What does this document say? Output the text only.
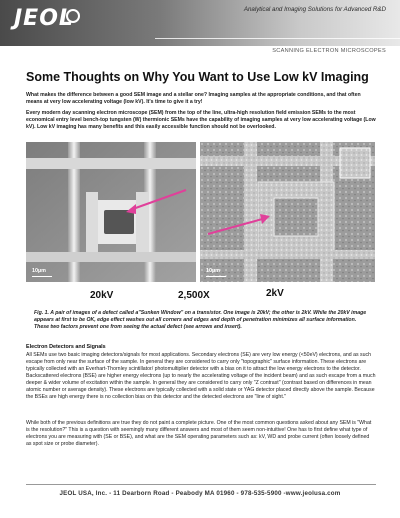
JEOL	Analytical and Imaging Solutions for Advanced R&D
SCANNING ELECTRON MICROSCOPES
Some Thoughts on Why You Want to Use Low kV Imaging
What makes the difference between a good SEM image and a stellar one? Imaging samples at the appropriate conditions, and that often means at very low accelerating voltage (low kV). It's time to give it a try!
Every modern day scanning electron microscope (SEM) from the top of the line, ultra-high resolution field emission SEMs to the most economical entry level bench-top tungsten (W) thermionic SEMs have the capability of imaging samples at very low accelerating voltage (Low kV). Low kV imaging has many benefits and this easily accessible function should not be overlooked.
10µm	10µm
20kV	2,500X	2kV
Fig. 1. A pair of images of a defect called a"Sunken Window" on a transistor. One image is 20kV; the other is 2kV. While the 20kV image appears at first to be OK, edge effect washes out all corners and edges and depth of penetration minimizes all surface information. These two factors prevent one from seeing the actual defect (see arrows and insert).
Electron Detectors and Signals
All SEMs use two basic imaging detectors/signals for most applications. Secondary electrons (SE) are very low energy (<50eV) electrons, and as such escape from only near the surface of the sample. In general they are considered to carry only "topographic" surface information. These electrons are typically collected with an Everhart-Thornley scintillator/ photomultiplier detector with a bias on it to attract the low energy electrons to the detector. Backscattered electrons (BSE) are higher energy electrons (up to nearly the accelerating voltage of the incident beam) and as such escape from a much deeper & wider volume of excitation within the sample. In general they are considered to carry only "Z contrast" (contrast based on differences in mean atomic number or average density). These electrons are typically collected with a solid state or YAG detector placed directly above the sample. Because the BSEs are high energy there is no collection bias on this detector and the detected electrons are "line of sight."
While both of the previous definitions are true they do not paint a complete picture. One of the most common questions asked about any SEM is "What is the resolution?" This is a question with seemingly many different answers and most of them seem non-intuitive! One has to first define what type of electrons you are measuring with (SE or BSE), and what are the SEM operating parameters such as: kV, WD and probe current (often loosely defined as spot size or probe diameter).
JEOL USA, Inc. - 11 Dearborn Road - Peabody MA 01960 - 978-535-5900 -www.jeolusa.com
